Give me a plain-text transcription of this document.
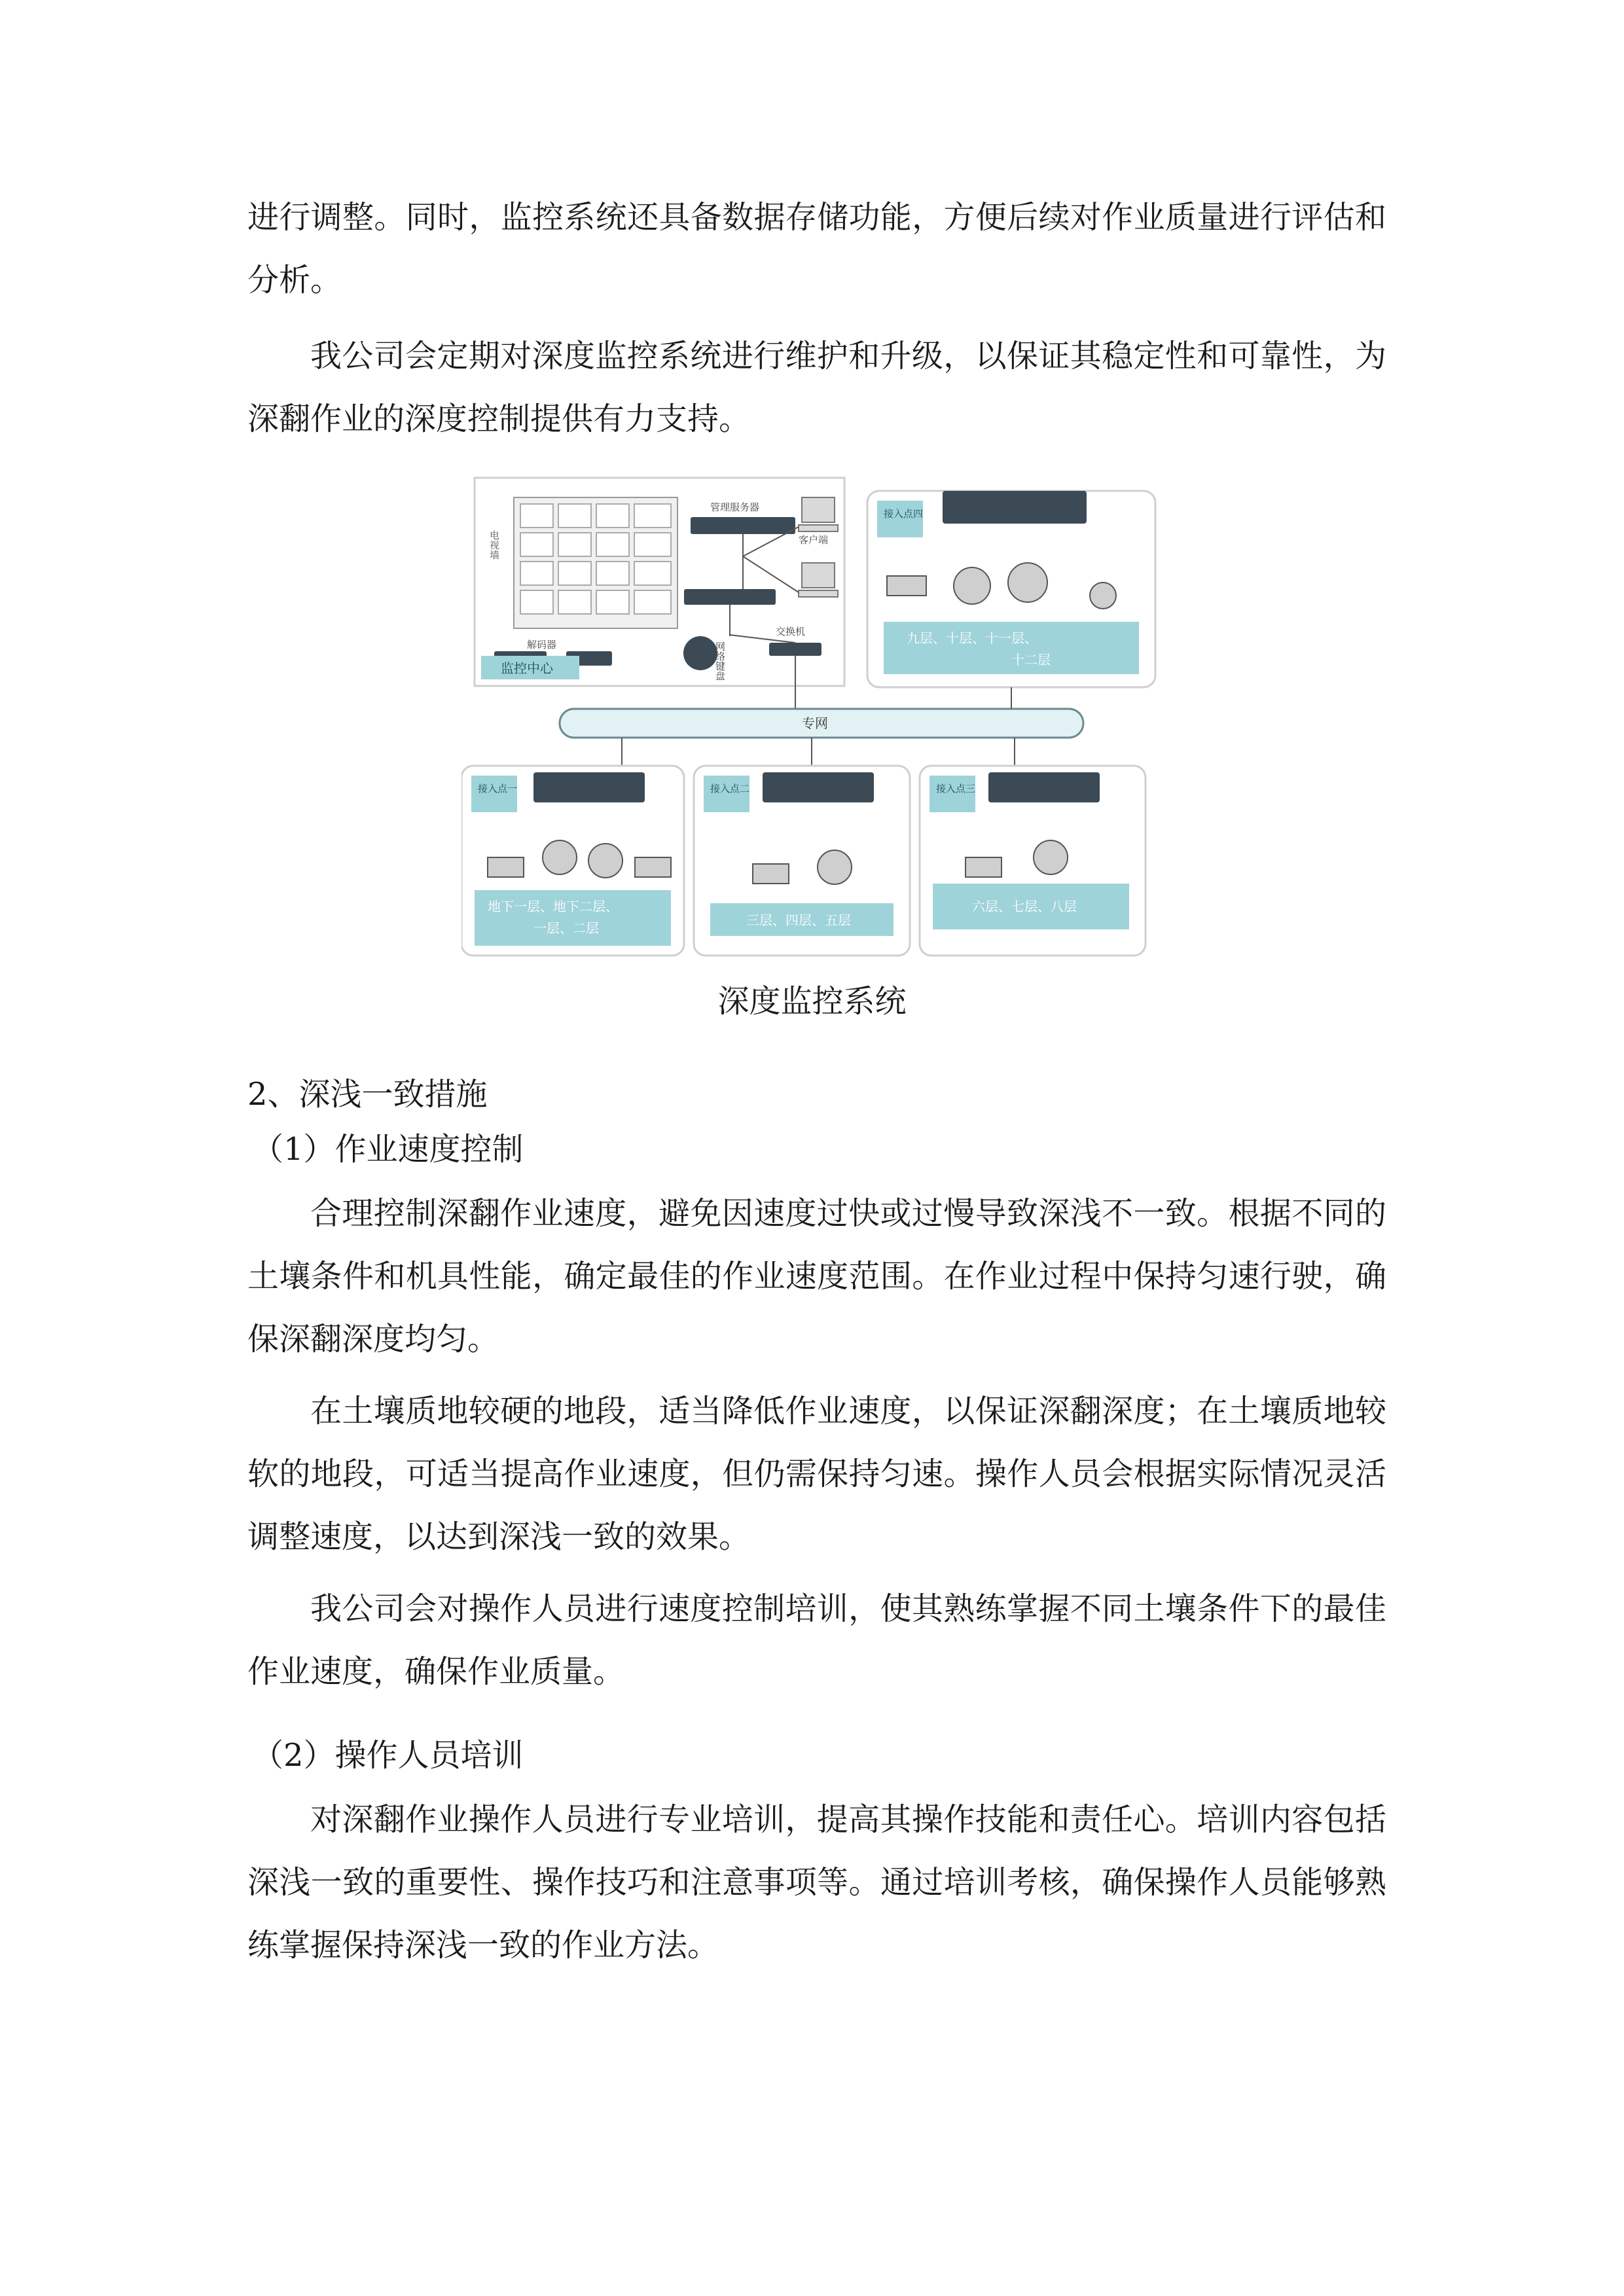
进行调整。同时，监控系统还具备数据存储功能，方便后续对作业质量进行评估和分析。

我公司会定期对深度监控系统进行维护和升级，以保证其稳定性和可靠性，为深翻作业的深度控制提供有力支持。

电视墙
管理服务器
客户端
解码器	网络键盘
交换机
监控中心
接入点四
九层、十层、十一层、
十二层
专网
接入点一
地下一层、地下二层、
一层、二层
接入点二
三层、四层、五层
接入点三
六层、七层、八层

深度监控系统

2、深浅一致措施

（1）作业速度控制

合理控制深翻作业速度，避免因速度过快或过慢导致深浅不一致。根据不同的土壤条件和机具性能，确定最佳的作业速度范围。在作业过程中保持匀速行驶，确保深翻深度均匀。

在土壤质地较硬的地段，适当降低作业速度，以保证深翻深度；在土壤质地较软的地段，可适当提高作业速度，但仍需保持匀速。操作人员会根据实际情况灵活调整速度，以达到深浅一致的效果。

我公司会对操作人员进行速度控制培训，使其熟练掌握不同土壤条件下的最佳作业速度，确保作业质量。

（2）操作人员培训

对深翻作业操作人员进行专业培训，提高其操作技能和责任心。培训内容包括深浅一致的重要性、操作技巧和注意事项等。通过培训考核，确保操作人员能够熟练掌握保持深浅一致的作业方法。
